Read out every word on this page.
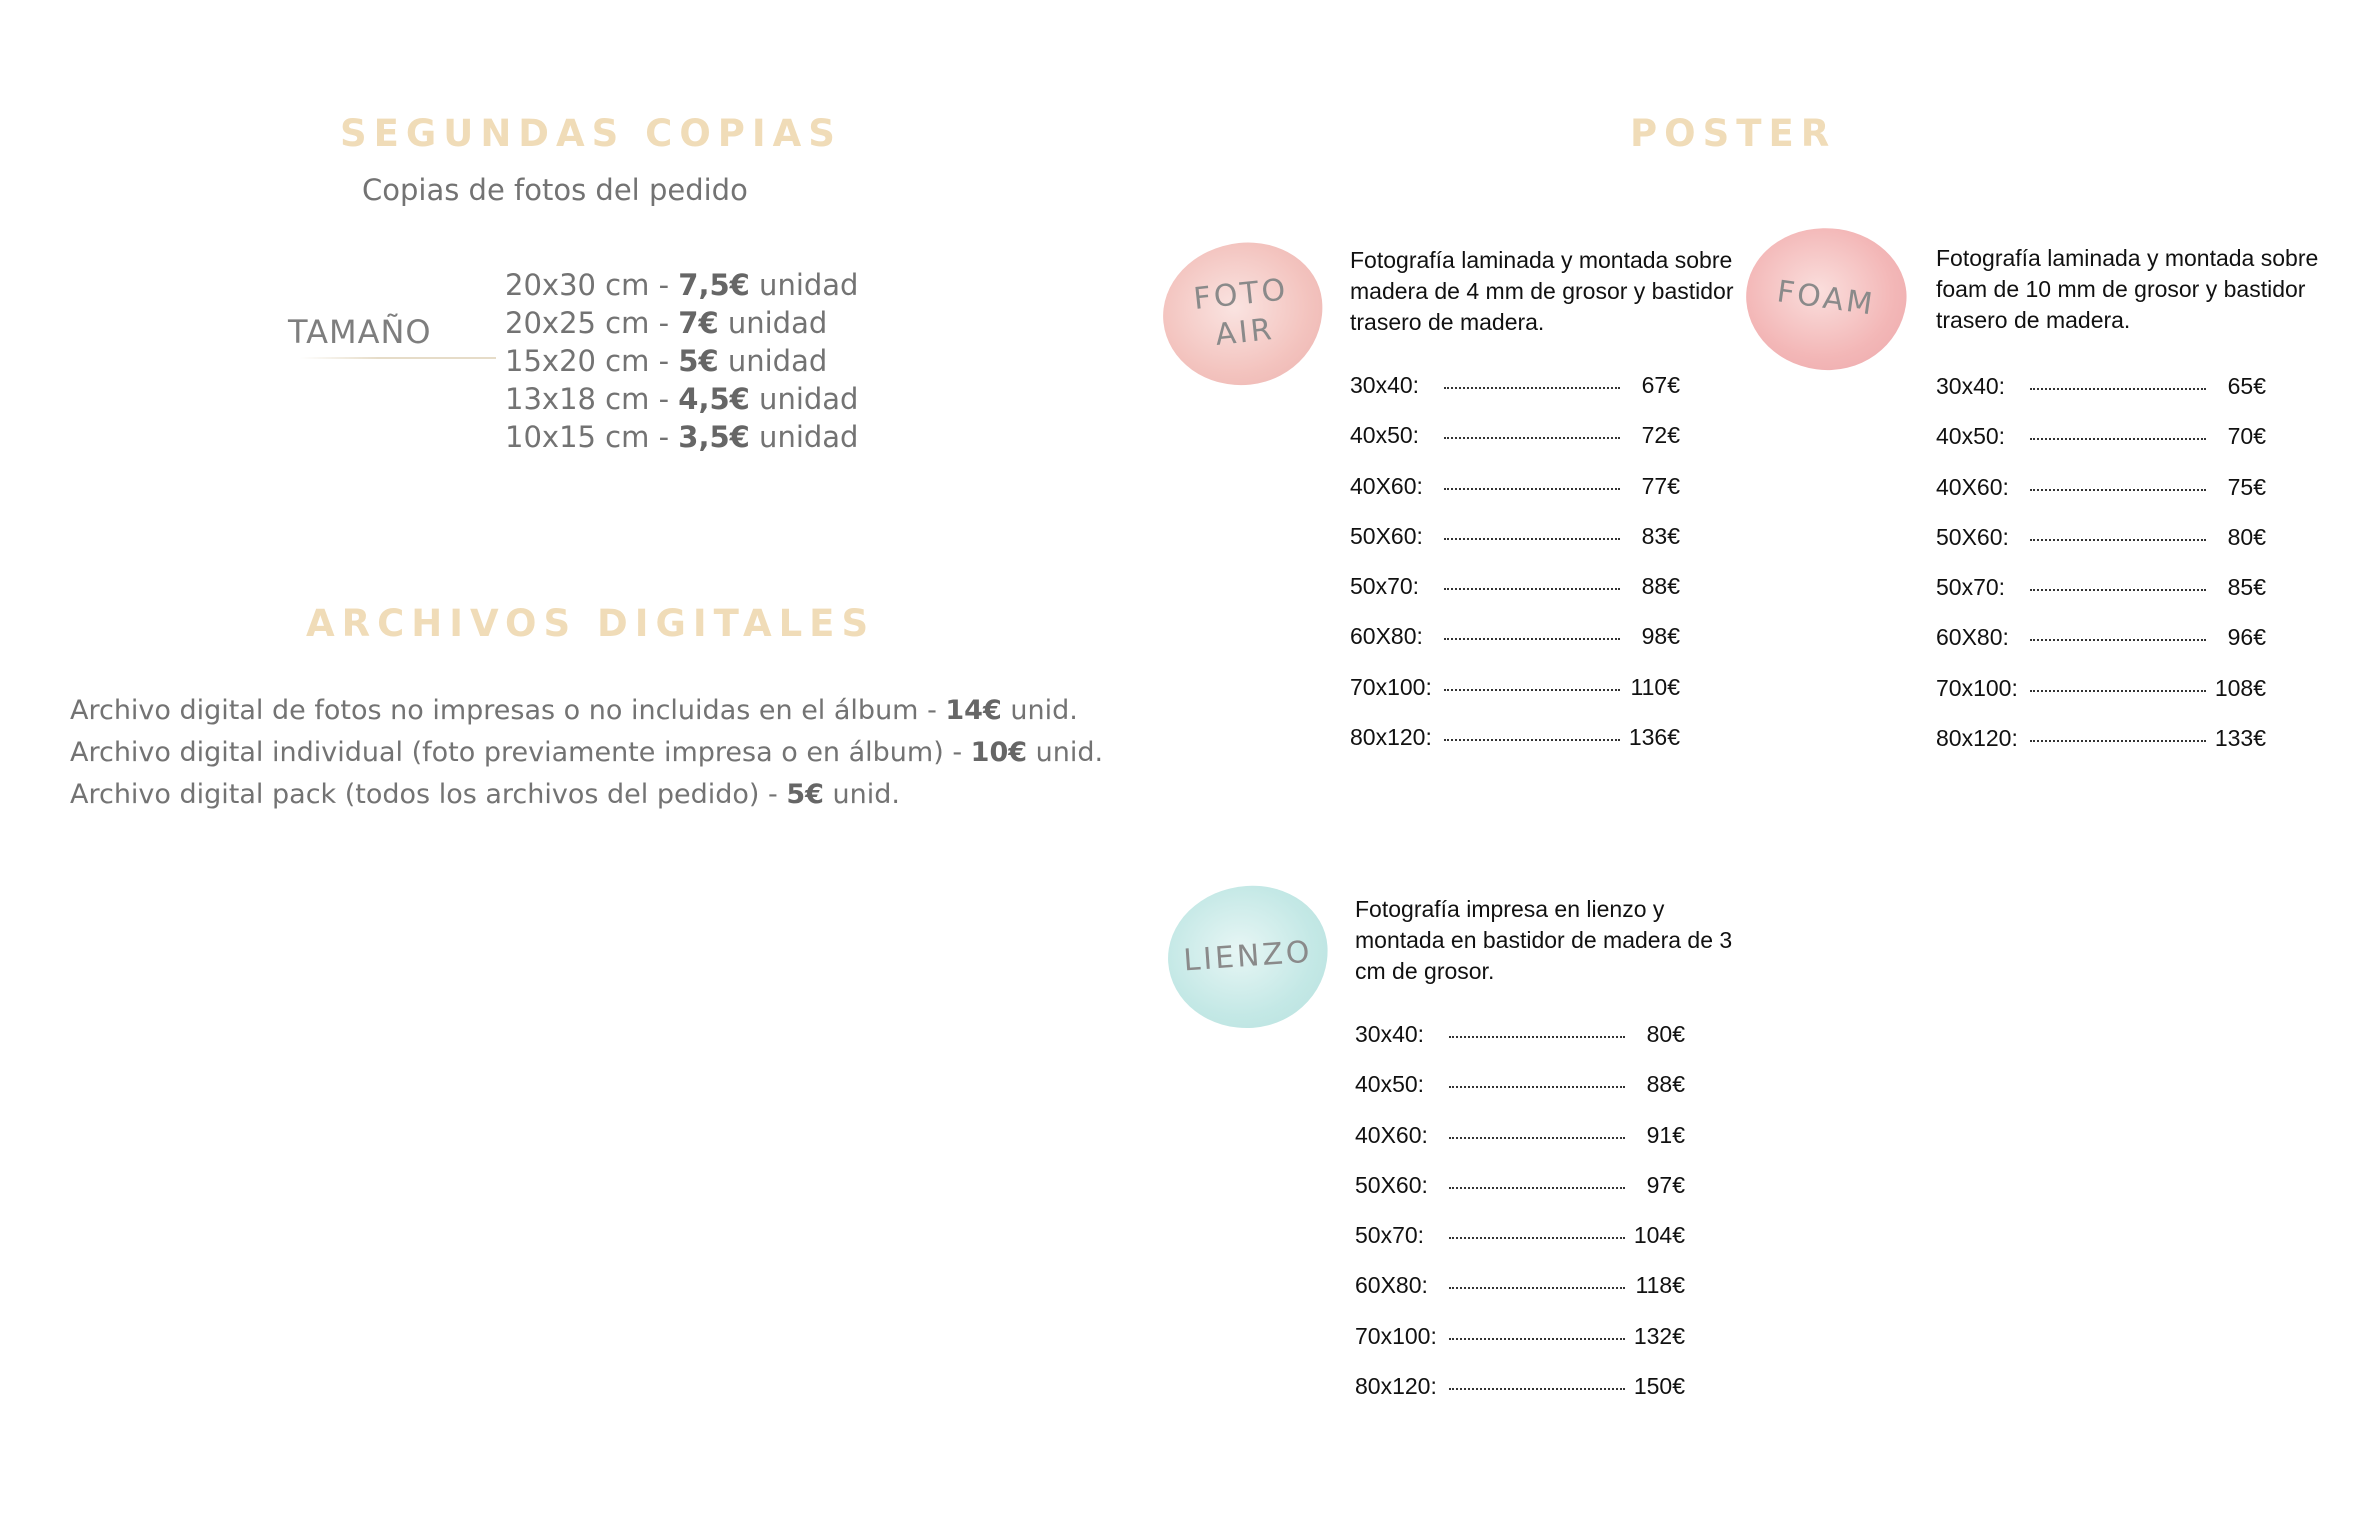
SEGUNDAS COPIAS
Copias de fotos del pedido
TAMAÑO
20x30 cm - 7,5€ unidad
20x25 cm - 7€ unidad
15x20 cm - 5€ unidad
13x18 cm - 4,5€ unidad
10x15 cm - 3,5€ unidad
ARCHIVOS DIGITALES
Archivo digital de fotos no impresas o no incluidas en el álbum - 14€ unid.
Archivo digital individual (foto previamente impresa o en álbum) - 10€ unid.
Archivo digital pack (todos los archivos del pedido) - 5€ unid.
POSTER
FOTO
AIR
Fotografía laminada y montada sobre madera de 4 mm de grosor y bastidor trasero de madera.
30x40:	67€
40x50:	72€
40X60:	77€
50X60:	83€
50x70:	88€
60X80:	98€
70x100:	110€
80x120:	136€
FOAM
Fotografía laminada y montada sobre foam de 10 mm de grosor y bastidor trasero de madera.
30x40:	65€
40x50:	70€
40X60:	75€
50X60:	80€
50x70:	85€
60X80:	96€
70x100:	108€
80x120:	133€
LIENZO
Fotografía impresa en lienzo y montada en bastidor de madera de 3 cm de grosor.
30x40:	80€
40x50:	88€
40X60:	91€
50X60:	97€
50x70:	104€
60X80:	118€
70x100:	132€
80x120:	150€
